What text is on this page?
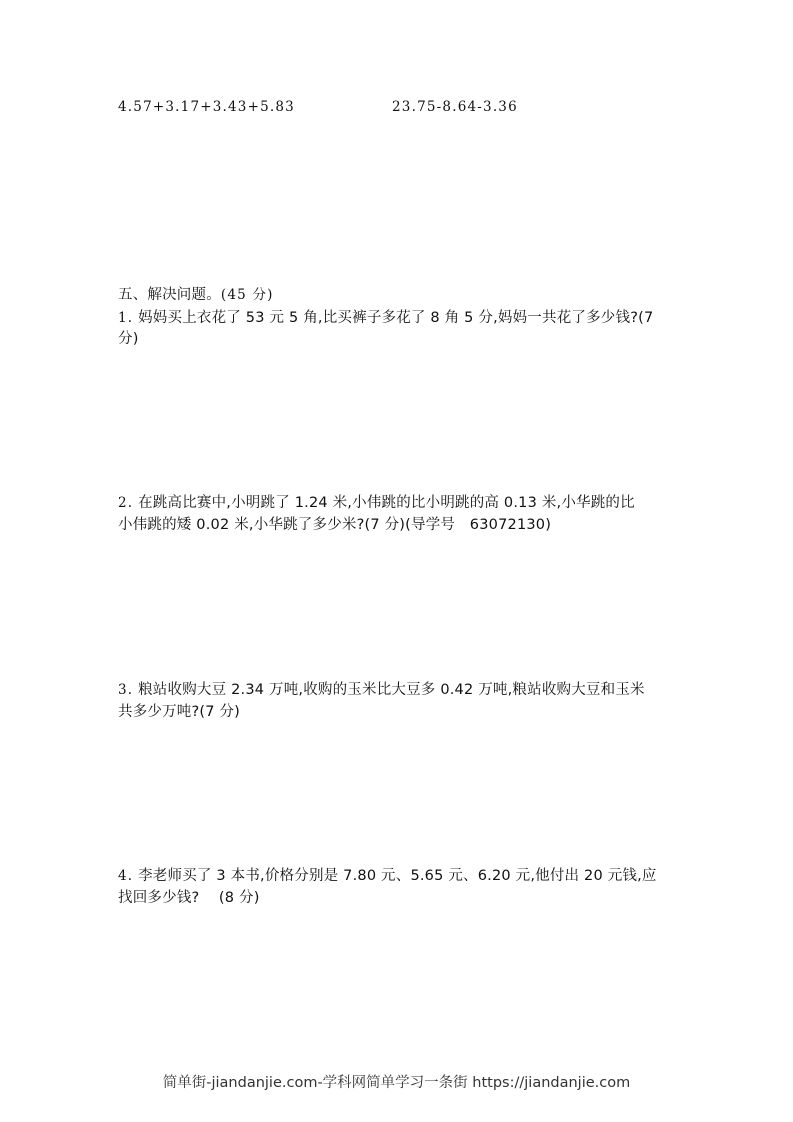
4.57+3.17+3.43+5.83	23.75-8.64-3.36
五、解决问题。(45 分)
1. 妈妈买上衣花了 53 元 5 角,比买裤子多花了 8 角 5 分,妈妈一共花了多少钱?(7
分)
2. 在跳高比赛中,小明跳了 1.24 米,小伟跳的比小明跳的高 0.13 米,小华跳的比
小伟跳的矮 0.02 米,小华跳了多少米?(7 分)(导学号　63072130)
3. 粮站收购大豆 2.34 万吨,收购的玉米比大豆多 0.42 万吨,粮站收购大豆和玉米
共多少万吨?(7 分)
4. 李老师买了 3 本书,价格分别是 7.80 元、5.65 元、6.20 元,他付出 20 元钱,应
找回多少钱?　 (8 分)
简单街-jiandanjie.com-学科网简单学习一条街 https://jiandanjie.com
